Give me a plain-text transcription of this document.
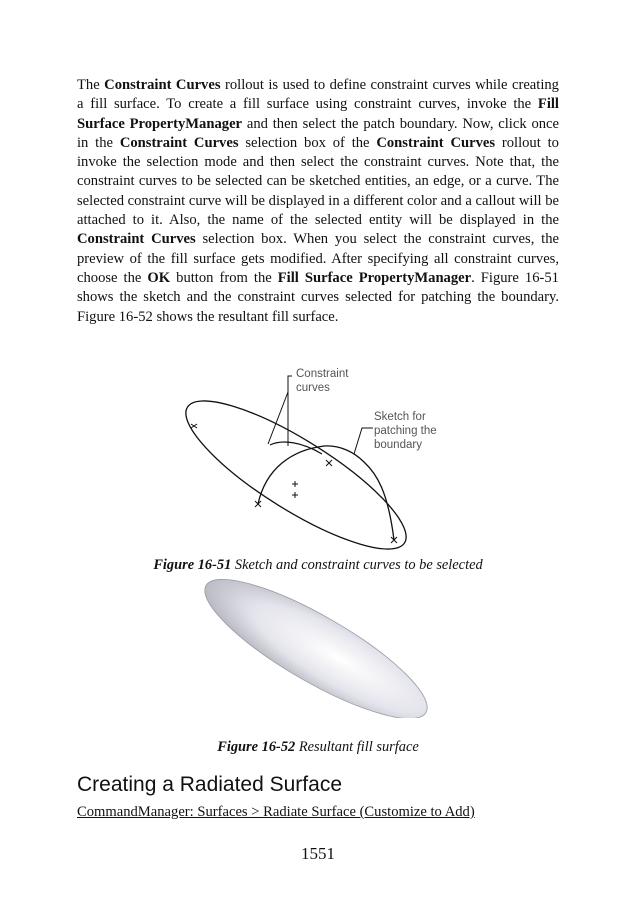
The Constraint Curves rollout is used to define constraint curves while creating a fill surface. To create a fill surface using constraint curves, invoke the Fill Surface PropertyManager and then select the patch boundary. Now, click once in the Constraint Curves selection box of the Constraint Curves rollout to invoke the selection mode and then select the constraint curves. Note that, the constraint curves to be selected can be sketched entities, an edge, or a curve. The selected constraint curve will be displayed in a different color and a callout will be attached to it. Also, the name of the selected entity will be displayed in the Constraint Curves selection box. When you select the constraint curves, the preview of the fill surface gets modified. After specifying all constraint curves, choose the OK button from the Fill Surface PropertyManager. Figure 16-51 shows the sketch and the constraint curves selected for patching the boundary. Figure 16-52 shows the resultant fill surface.

Constraint
curves
Sketch for
patching the
boundary
Figure 16-51 Sketch and constraint curves to be selected
Figure 16-52 Resultant fill surface
Creating a Radiated Surface
CommandManager: Surfaces > Radiate Surface (Customize to Add)
1551
